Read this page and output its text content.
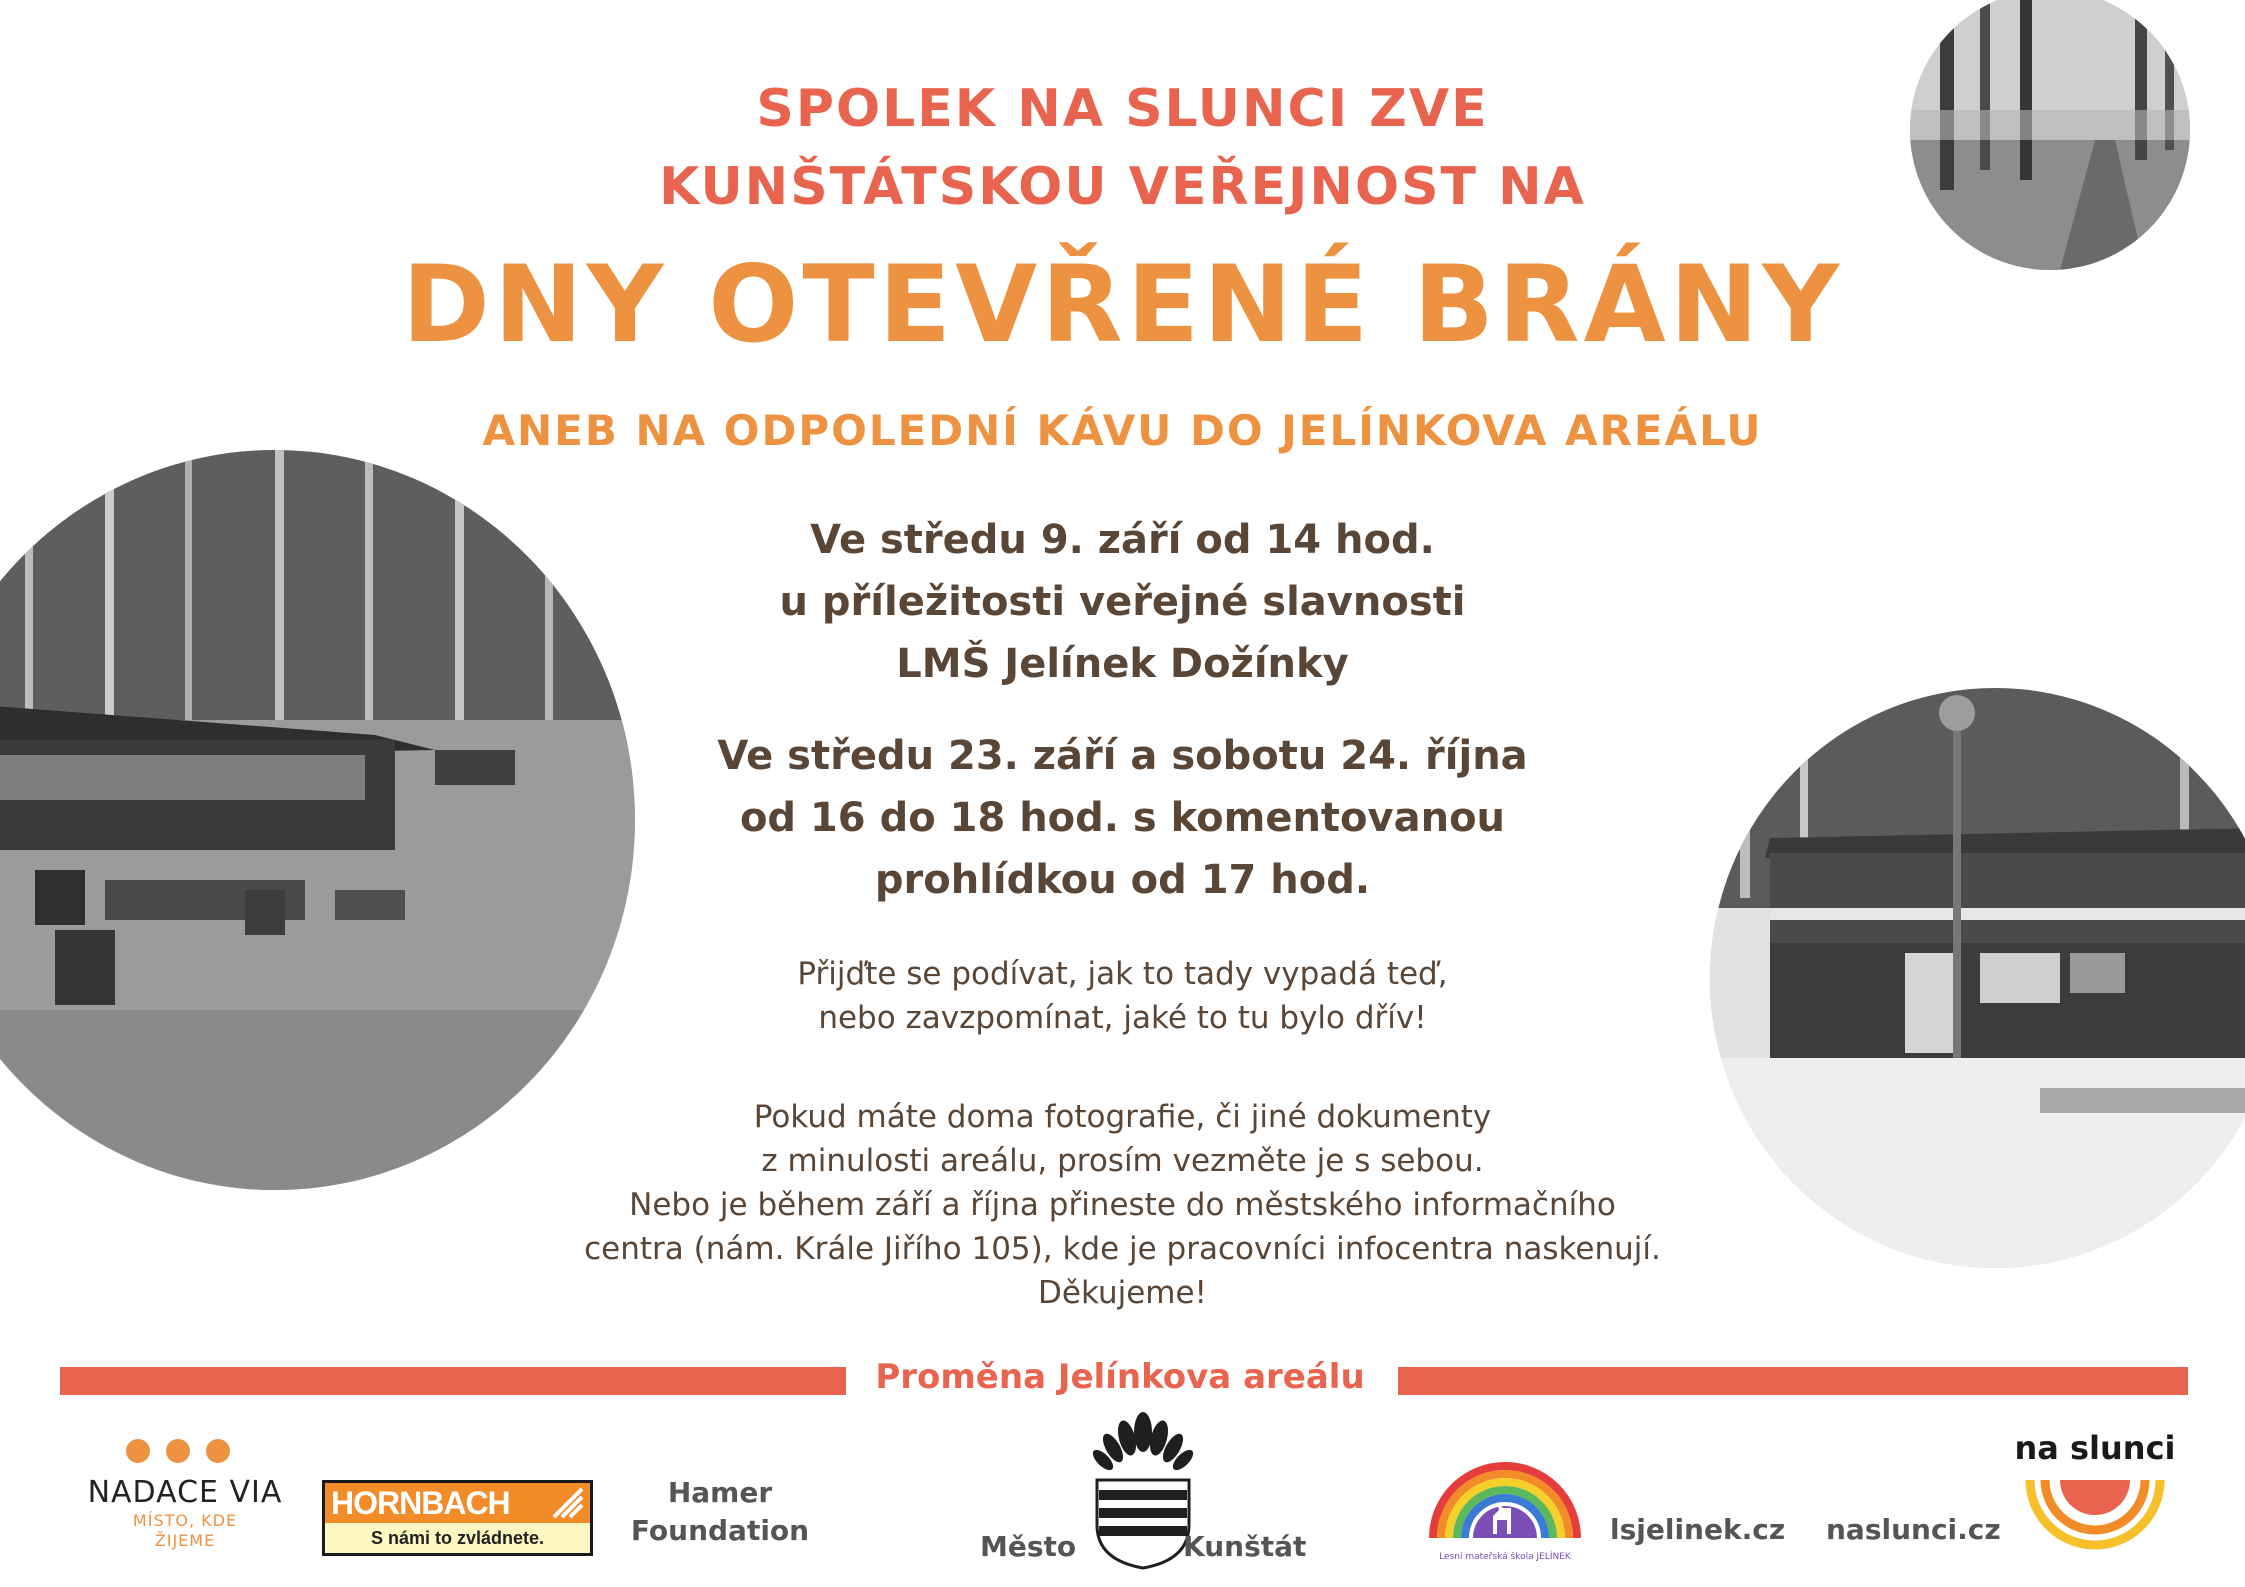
SPOLEK NA SLUNCI ZVE
KUNŠTÁTSKOU VEŘEJNOST NA
DNY OTEVŘENÉ BRÁNY
ANEB NA ODPOLEDNÍ KÁVU DO JELÍNKOVA AREÁLU
Ve středu 9. září od 14 hod.
u příležitosti veřejné slavnosti
LMŠ Jelínek Dožínky
Ve středu 23. září a sobotu 24. října
od 16 do 18 hod. s komentovanou
prohlídkou od 17 hod.
Přijďte se podívat, jak to tady vypadá teď,
nebo zavzpomínat, jaké to tu bylo dřív!
Pokud máte doma fotografie, či jiné dokumenty
z minulosti areálu, prosím vezměte je s sebou.
Nebo je během září a října přineste do městského informačního
centra (nám. Krále Jiřího 105), kde je pracovníci infocentra naskenují.
Děkujeme!
Proměna Jelínkova areálu
NADACE VIA
MÍSTO, KDE
ŽIJEME
HORNBACH
S námi to zvládnete.
Hamer
Foundation	Město	Kunštát	Lesní mateřská škola JELÍNEK
lsjelinek.cz naslunci.cz
na slunci
